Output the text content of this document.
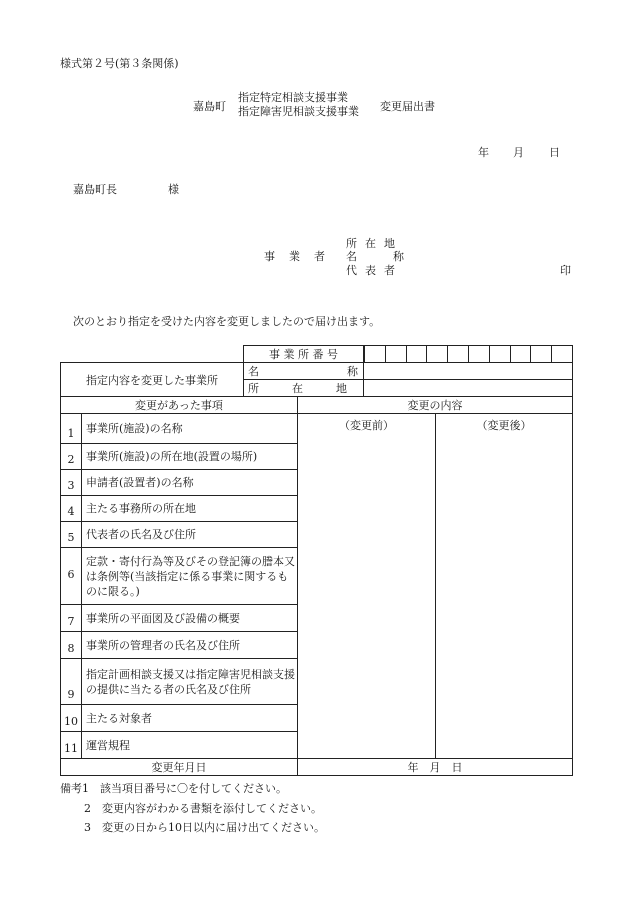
様式第２号(第３条関係)
嘉島町
指定特定相談支援事業
指定障害児相談支援事業 変更届出書
年 月 日
嘉島町長	様
事業者
所在地
名称
代表者	印
次のとおり指定を受けた内容を変更しましたので届け出ます。
		事 業 所 番 号			

指定内容を変更した事業所		名　　　　　　　　称			
		所　　　在　　　地			
変更があった事項			変更の内容		
1	事業所(施設)の名称		（変更前）		（変更後）

2	事業所(施設)の所在地(設置の場所)				
3	申請者(設置者)の名称				
4	主たる事務所の所在地				
5	代表者の氏名及び住所				
6	定款・寄付行為等及びその登記簿の謄本又は条例等(当該指定に係る事業に関するものに限る。)				
7	事業所の平面図及び設備の概要				
8	事業所の管理者の氏名及び住所				
9	指定計画相談支援又は指定障害児相談支援の提供に当たる者の氏名及び住所				
10	主たる対象者				
11	運営規程				
変更年月日			年　月　日		
備考1　該当項目番号に〇を付してください。
2　変更内容がわかる書類を添付してください。
3　変更の日から10日以内に届け出てください。
